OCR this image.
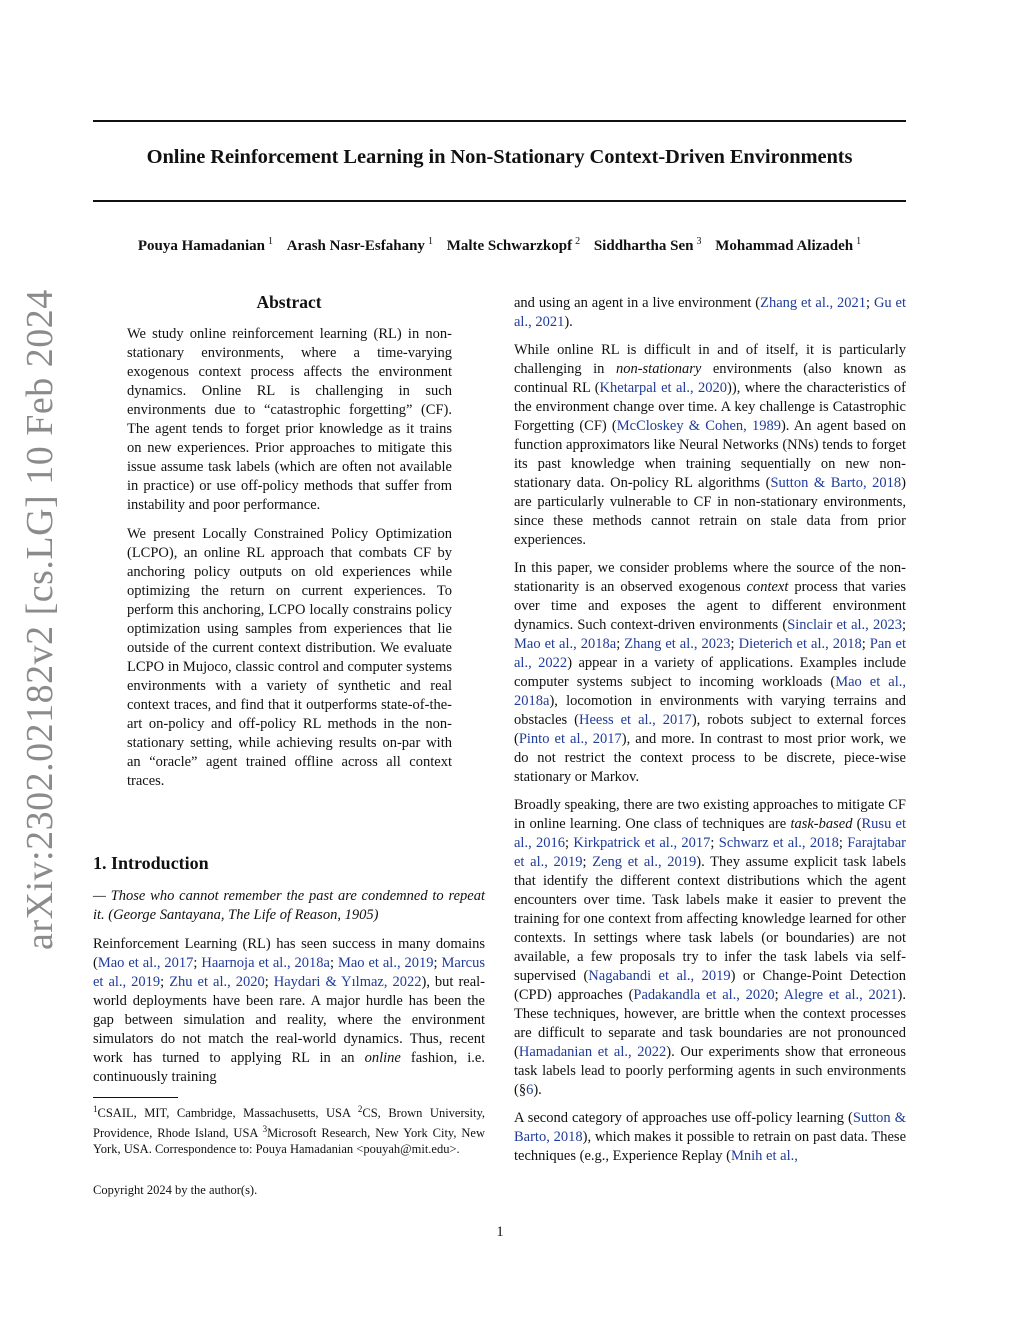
Online Reinforcement Learning in Non-Stationary Context-Driven Environments
Pouya Hamadanian $^1$ Arash Nasr-Esfahany $^1$ Malte Schwarzkopf $^2$ Siddhartha Sen $^3$ Mohammad Alizadeh $^1$
arXiv:2302.02182v2 [cs.LG] 10 Feb 2024	Abstract

We study online reinforcement learning (RL) in non-stationary environments, where a time-varying exogenous context process affects the environment dynamics. Online RL is challenging in such environments due to “catastrophic forgetting” (CF). The agent tends to forget prior knowledge as it trains on new experiences. Prior approaches to mitigate this issue assume task labels (which are often not available in practice) or use off-policy methods that suffer from instability and poor performance.

We present Locally Constrained Policy Optimization (LCPO), an online RL approach that combats CF by anchoring policy outputs on old experiences while optimizing the return on current experiences. To perform this anchoring, LCPO locally constrains policy optimization using samples from experiences that lie outside of the current context distribution. We evaluate LCPO in Mujoco, classic control and computer systems environments with a variety of synthetic and real context traces, and find that it outperforms state-of-the-art on-policy and off-policy RL methods in the non-stationary setting, while achieving results on-par with an “oracle” agent trained offline across all context traces.

1. Introduction

— Those who cannot remember the past are condemned to repeat it. (George Santayana, The Life of Reason, 1905)

Reinforcement Learning (RL) has seen success in many domains (Mao et al., 2017; Haarnoja et al., 2018a; Mao et al., 2019; Marcus et al., 2019; Zhu et al., 2020; Haydari & Yılmaz, 2022), but real-world deployments have been rare. A major hurdle has been the gap between simulation and reality, where the environment simulators do not match the real-world dynamics. Thus, recent work has turned to applying RL in an online fashion, i.e. continuously training

$^1$CSAIL, MIT, Cambridge, Massachusetts, USA $^2$CS, Brown University, Providence, Rhode Island, USA $^3$Microsoft Research, New York City, New York, USA. Correspondence to: Pouya Hamadanian <pouyah@mit.edu>.
Copyright 2024 by the author(s).

and using an agent in a live environment (Zhang et al., 2021; Gu et al., 2021).

While online RL is difficult in and of itself, it is particularly challenging in non-stationary environments (also known as continual RL (Khetarpal et al., 2020)), where the characteristics of the environment change over time. A key challenge is Catastrophic Forgetting (CF) (McCloskey & Cohen, 1989). An agent based on function approximators like Neural Networks (NNs) tends to forget its past knowledge when training sequentially on new non-stationary data. On-policy RL algorithms (Sutton & Barto, 2018) are particularly vulnerable to CF in non-stationary environments, since these methods cannot retrain on stale data from prior experiences.

In this paper, we consider problems where the source of the non-stationarity is an observed exogenous context process that varies over time and exposes the agent to different environment dynamics. Such context-driven environments (Sinclair et al., 2023; Mao et al., 2018a; Zhang et al., 2023; Dieterich et al., 2018; Pan et al., 2022) appear in a variety of applications. Examples include computer systems subject to incoming workloads (Mao et al., 2018a), locomotion in environments with varying terrains and obstacles (Heess et al., 2017), robots subject to external forces (Pinto et al., 2017), and more. In contrast to most prior work, we do not restrict the context process to be discrete, piece-wise stationary or Markov.

Broadly speaking, there are two existing approaches to mitigate CF in online learning. One class of techniques are task-based (Rusu et al., 2016; Kirkpatrick et al., 2017; Schwarz et al., 2018; Farajtabar et al., 2019; Zeng et al., 2019). They assume explicit task labels that identify the different context distributions which the agent encounters over time. Task labels make it easier to prevent the training for one context from affecting knowledge learned for other contexts. In settings where task labels (or boundaries) are not available, a few proposals try to infer the task labels via self-supervised (Nagabandi et al., 2019) or Change-Point Detection (CPD) approaches (Padakandla et al., 2020; Alegre et al., 2021). These techniques, however, are brittle when the context processes are difficult to separate and task boundaries are not pronounced (Hamadanian et al., 2022). Our experiments show that erroneous task labels lead to poorly performing agents in such environments (§6).

A second category of approaches use off-policy learning (Sutton & Barto, 2018), which makes it possible to retrain on past data. These techniques (e.g., Experience Replay (Mnih et al.,

1
